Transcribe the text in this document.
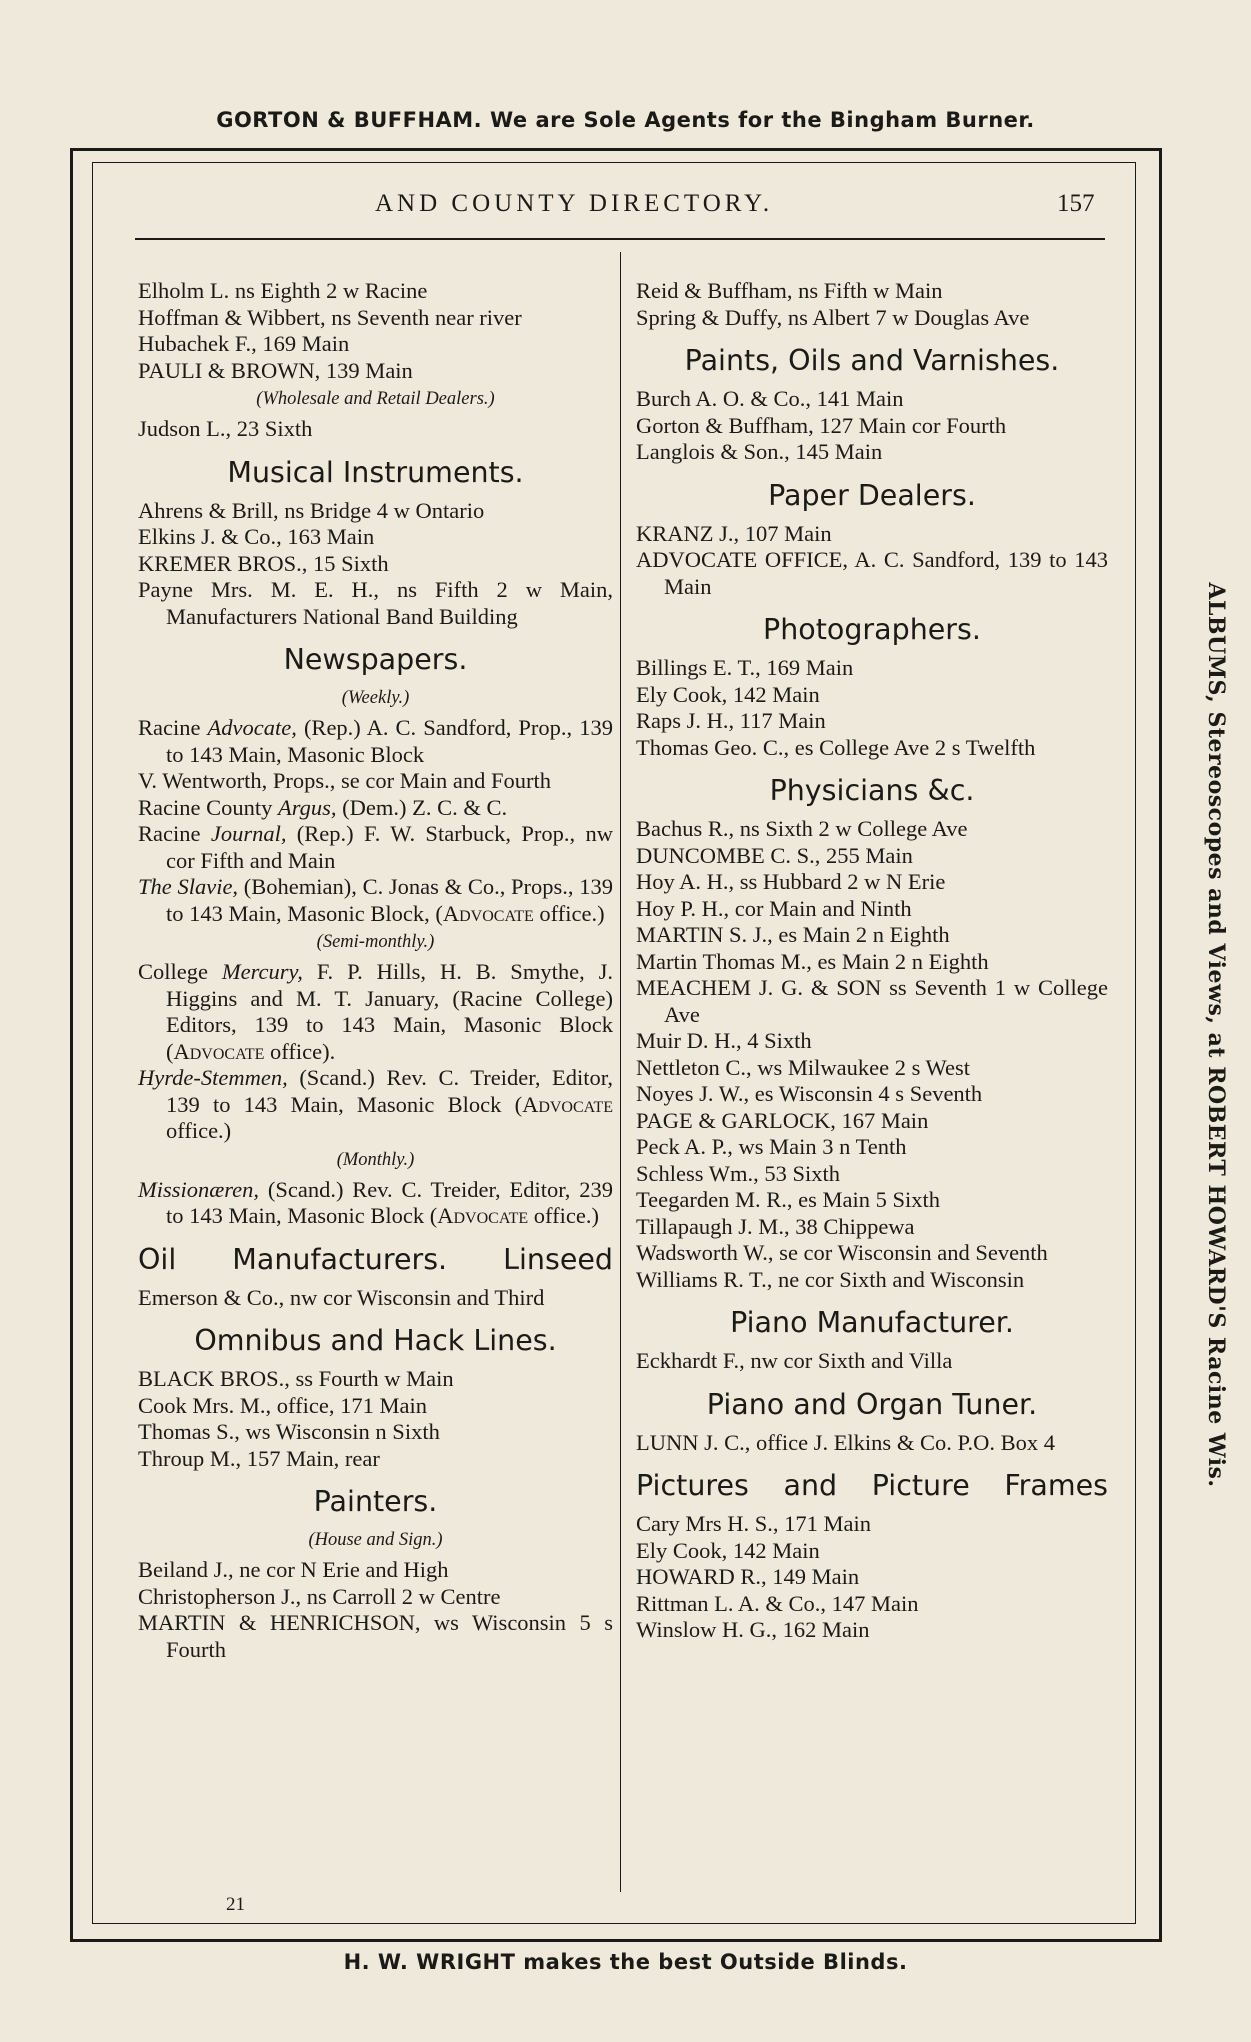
GORTON & BUFFHAM. We are Sole Agents for the Bingham Burner.
ALBUMS, Stereoscopes and Views, at ROBERT HOWARD'S Racine Wis.
H. W. WRIGHT makes the best Outside Blinds.
AND COUNTY DIRECTORY.	157
Elholm L. ns Eighth 2 w Racine
Hoffman & Wibbert, ns Seventh near river
Hubachek F., 169 Main
PAULI & BROWN, 139 Main
(Wholesale and Retail Dealers.)
Judson L., 23 Sixth
Musical Instruments.
Ahrens & Brill, ns Bridge 4 w Ontario
Elkins J. & Co., 163 Main
KREMER BROS., 15 Sixth
Payne Mrs. M. E. H., ns Fifth 2 w Main, Manufacturers National Band Building
Newspapers.
(Weekly.)
Racine Advocate, (Rep.) A. C. Sandford, Prop., 139 to 143 Main, Masonic Block
V. Wentworth, Props., se cor Main and Fourth
Racine County Argus, (Dem.) Z. C. & C.
Racine Journal, (Rep.) F. W. Starbuck, Prop., nw cor Fifth and Main
The Slavie, (Bohemian), C. Jonas & Co., Props., 139 to 143 Main, Masonic Block, (Advocate office.)
(Semi-monthly.)
College Mercury, F. P. Hills, H. B. Smythe, J. Higgins and M. T. January, (Racine College) Editors, 139 to 143 Main, Masonic Block (Advocate office).
Hyrde-Stemmen, (Scand.) Rev. C. Treider, Editor, 139 to 143 Main, Masonic Block (Advocate office.)
(Monthly.)
Missionæren, (Scand.) Rev. C. Treider, Editor, 239 to 143 Main, Masonic Block (Advocate office.)
Oil Manufacturers. Linseed
Emerson & Co., nw cor Wisconsin and Third
Omnibus and Hack Lines.
BLACK BROS., ss Fourth w Main
Cook Mrs. M., office, 171 Main
Thomas S., ws Wisconsin n Sixth
Throup M., 157 Main, rear
Painters.
(House and Sign.)
Beiland J., ne cor N Erie and High
Christopherson J., ns Carroll 2 w Centre
MARTIN & HENRICHSON, ws Wisconsin 5 s Fourth
21
Reid & Buffham, ns Fifth w Main
Spring & Duffy, ns Albert 7 w Douglas Ave
Paints, Oils and Varnishes.
Burch A. O. & Co., 141 Main
Gorton & Buffham, 127 Main cor Fourth
Langlois & Son., 145 Main
Paper Dealers.
KRANZ J., 107 Main
ADVOCATE OFFICE, A. C. Sandford, 139 to 143 Main
Photographers.
Billings E. T., 169 Main
Ely Cook, 142 Main
Raps J. H., 117 Main
Thomas Geo. C., es College Ave 2 s Twelfth
Physicians &c.
Bachus R., ns Sixth 2 w College Ave
DUNCOMBE C. S., 255 Main
Hoy A. H., ss Hubbard 2 w N Erie
Hoy P. H., cor Main and Ninth
MARTIN S. J., es Main 2 n Eighth
Martin Thomas M., es Main 2 n Eighth
MEACHEM J. G. & SON ss Seventh 1 w College Ave
Muir D. H., 4 Sixth
Nettleton C., ws Milwaukee 2 s West
Noyes J. W., es Wisconsin 4 s Seventh
PAGE & GARLOCK, 167 Main
Peck A. P., ws Main 3 n Tenth
Schless Wm., 53 Sixth
Teegarden M. R., es Main 5 Sixth
Tillapaugh J. M., 38 Chippewa
Wadsworth W., se cor Wisconsin and Seventh
Williams R. T., ne cor Sixth and Wisconsin
Piano Manufacturer.
Eckhardt F., nw cor Sixth and Villa
Piano and Organ Tuner.
LUNN J. C., office J. Elkins & Co. P.O. Box 4
Pictures and Picture Frames
Cary Mrs H. S., 171 Main
Ely Cook, 142 Main
HOWARD R., 149 Main
Rittman L. A. & Co., 147 Main
Winslow H. G., 162 Main
